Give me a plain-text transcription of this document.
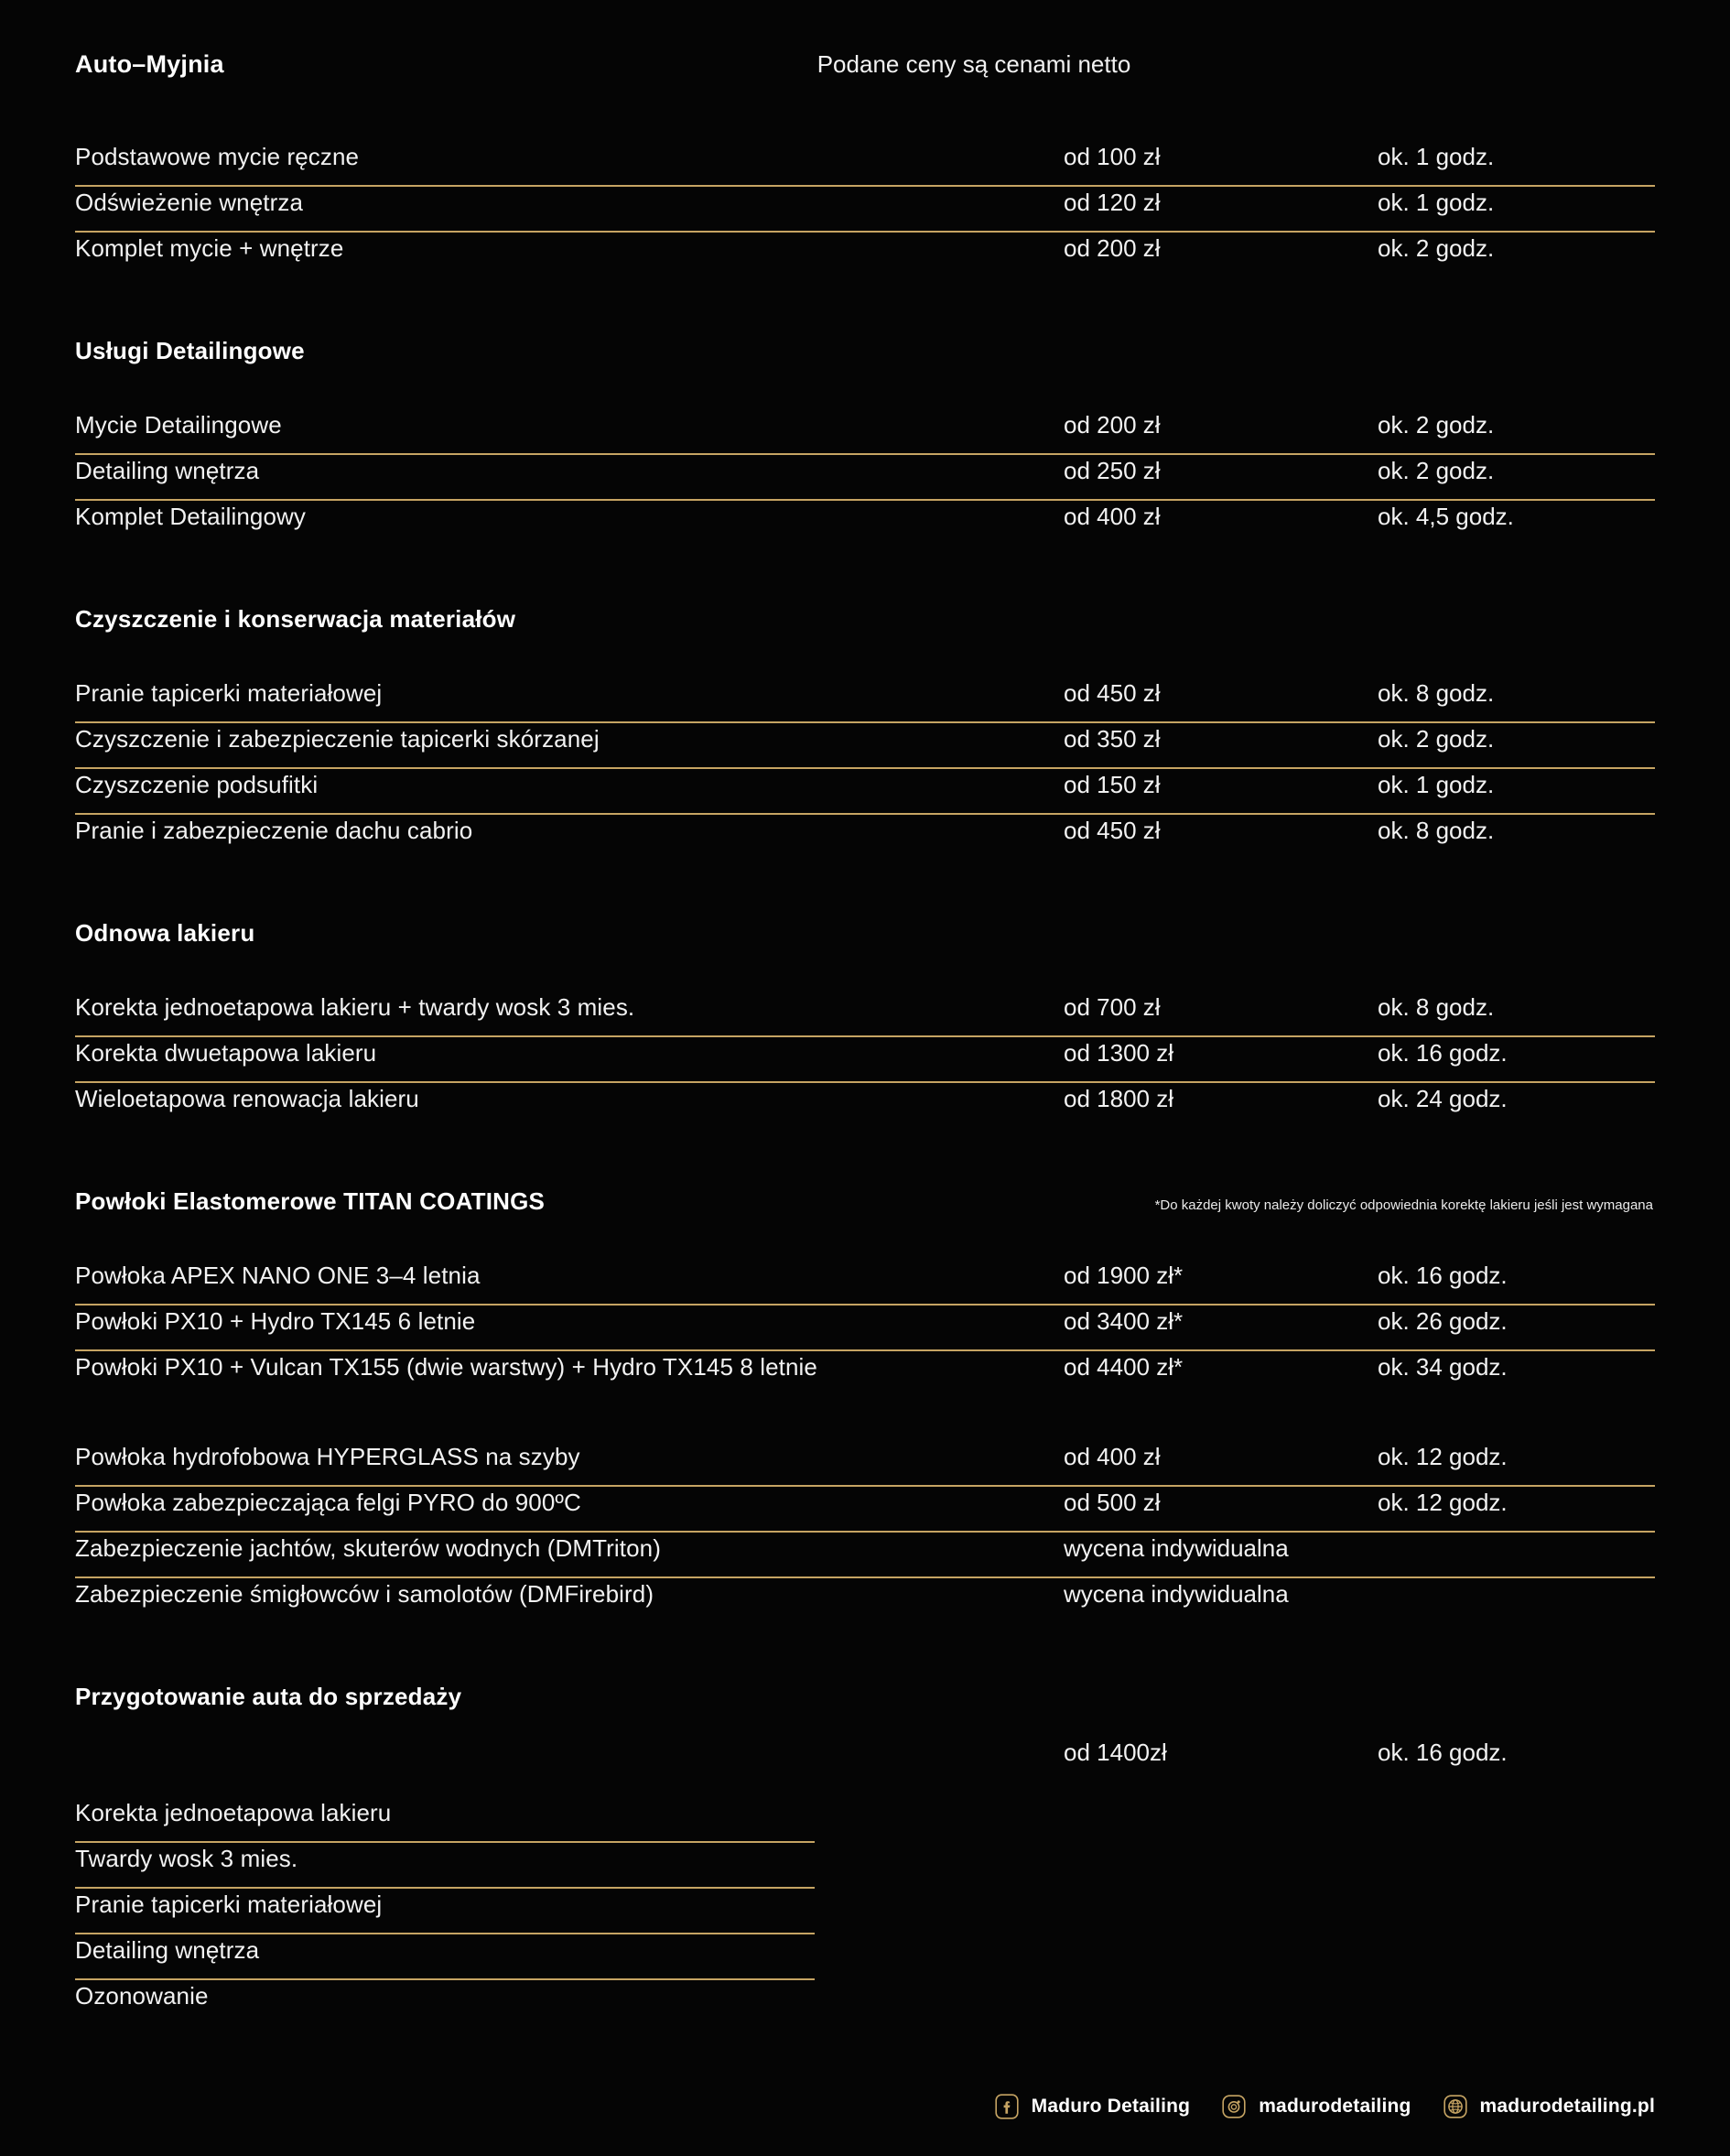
Auto–Myjnia	Podane ceny są cenami netto
Podstawowe mycie ręczne	od 100 zł	ok. 1 godz.
Odświeżenie wnętrza	od 120 zł	ok. 1 godz.
Komplet mycie + wnętrze	od 200 zł	ok. 2 godz.
Usługi Detailingowe
Mycie Detailingowe	od 200 zł	ok. 2 godz.
Detailing wnętrza	od 250 zł	ok. 2 godz.
Komplet Detailingowy	od 400 zł	ok. 4,5 godz.
Czyszczenie i konserwacja materiałów
Pranie tapicerki materiałowej	od 450 zł	ok. 8 godz.
Czyszczenie i zabezpieczenie tapicerki skórzanej	od 350 zł	ok. 2 godz.
Czyszczenie podsufitki	od 150 zł	ok. 1 godz.
Pranie i zabezpieczenie dachu cabrio	od 450 zł	ok. 8 godz.
Odnowa lakieru
Korekta jednoetapowa lakieru + twardy wosk 3 mies.	od 700 zł	ok. 8 godz.
Korekta dwuetapowa lakieru	od 1300 zł	ok. 16 godz.
Wieloetapowa renowacja lakieru	od 1800 zł	ok. 24 godz.
Powłoki Elastomerowe TITAN COATINGS	*Do każdej kwoty należy doliczyć odpowiednia korektę lakieru jeśli jest wymagana
Powłoka APEX NANO ONE 3–4 letnia	od 1900 zł*	ok. 16 godz.
Powłoki PX10 + Hydro TX145 6 letnie	od 3400 zł*	ok. 26 godz.
Powłoki PX10 + Vulcan TX155 (dwie warstwy) + Hydro TX145 8 letnie	od 4400 zł*	ok. 34 godz.
Powłoka hydrofobowa HYPERGLASS na szyby	od 400 zł	ok. 12 godz.
Powłoka zabezpieczająca felgi PYRO do 900ºC	od 500 zł	ok. 12 godz.
Zabezpieczenie jachtów, skuterów wodnych (DMTriton)	wycena indywidualna
Zabezpieczenie śmigłowców i samolotów (DMFirebird)	wycena indywidualna
Przygotowanie auta do sprzedaży
od 1400zł	ok. 16 godz.
Korekta jednoetapowa lakieru
Twardy wosk 3 mies.
Pranie tapicerki materiałowej
Detailing wnętrza
Ozonowanie
Maduro Detailing	madurodetailing	madurodetailing.pl
